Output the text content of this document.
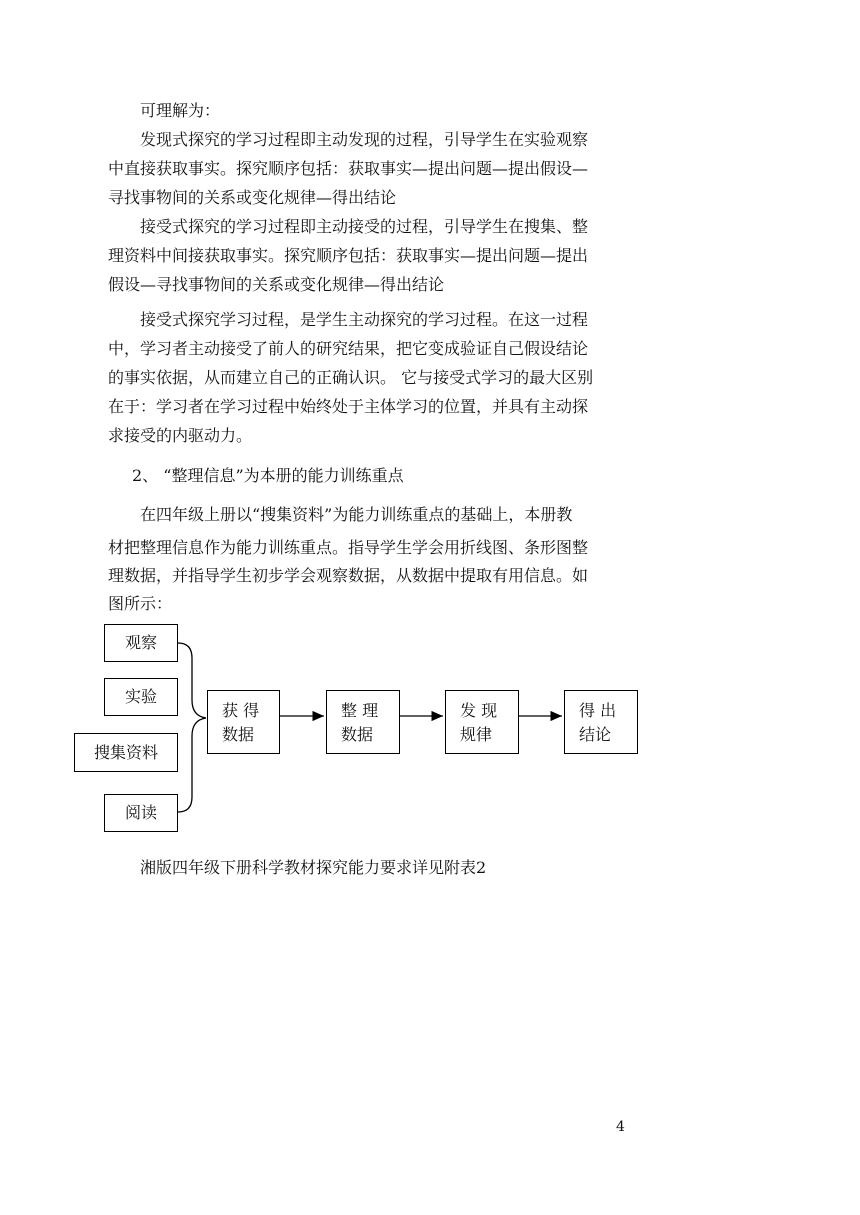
可理解为：
发现式探究的学习过程即主动发现的过程，引导学生在实验观察
中直接获取事实。探究顺序包括：获取事实—提出问题—提出假设—
寻找事物间的关系或变化规律—得出结论
接受式探究的学习过程即主动接受的过程，引导学生在搜集、整
理资料中间接获取事实。探究顺序包括：获取事实—提出问题—提出
假设—寻找事物间的关系或变化规律—得出结论
接受式探究学习过程，是学生主动探究的学习过程。在这一过程
中，学习者主动接受了前人的研究结果，把它变成验证自己假设结论
的事实依据，从而建立自己的正确认识。 它与接受式学习的最大区别
在于：学习者在学习过程中始终处于主体学习的位置，并具有主动探
求接受的内驱动力。
2、 “整理信息”为本册的能力训练重点
在四年级上册以“搜集资料”为能力训练重点的基础上，本册教
材把整理信息作为能力训练重点。指导学生学会用折线图、条形图整
理数据，并指导学生初步学会观察数据，从数据中提取有用信息。如
图所示：
观察
实验
搜集资料
阅读
获 得
数据
整 理
数据
发 现
规律
得 出
结论
湘版四年级下册科学教材探究能力要求详见附表2
4
